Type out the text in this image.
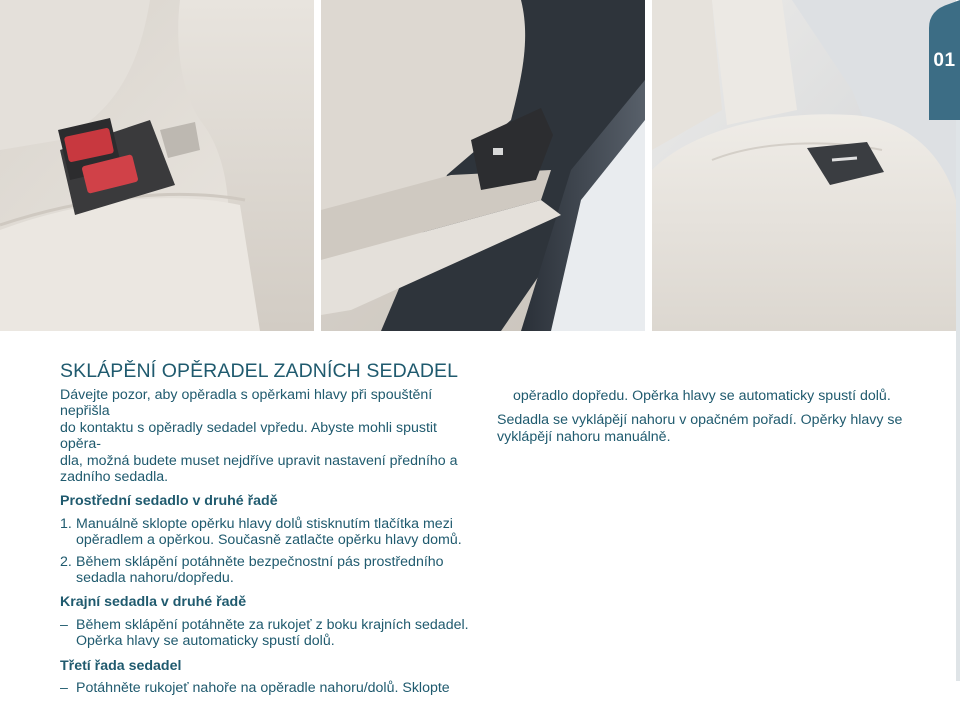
01
SKLÁPĚNÍ OPĚRADEL ZADNÍCH SEDADEL

Dávejte pozor, aby opěradla s opěrkami hlavy při spouštění nepřišla

do kontaktu s opěradly sedadel vpředu. Abyste mohli spustit opěra-

dla, možná budete muset nejdříve upravit nastavení předního a

zadního sedadla.

Prostřední sedadlo v druhé řadě

1. Manuálně sklopte opěrku hlavy dolů stisknutím tlačítka mezi

opěradlem a opěrkou. Současně zatlačte opěrku hlavy domů.

2. Během sklápění potáhněte bezpečnostní pás prostředního

sedadla nahoru/dopředu.

Krajní sedadla v druhé řadě

– Během sklápění potáhněte za rukojeť z boku krajních sedadel.

Opěrka hlavy se automaticky spustí dolů.

Třetí řada sedadel

– Potáhněte rukojeť nahoře na opěradle nahoru/dolů. Sklopte

opěradlo dopředu. Opěrka hlavy se automaticky spustí dolů.

Sedadla se vyklápějí nahoru v opačném pořadí. Opěrky hlavy se

vyklápějí nahoru manuálně.
